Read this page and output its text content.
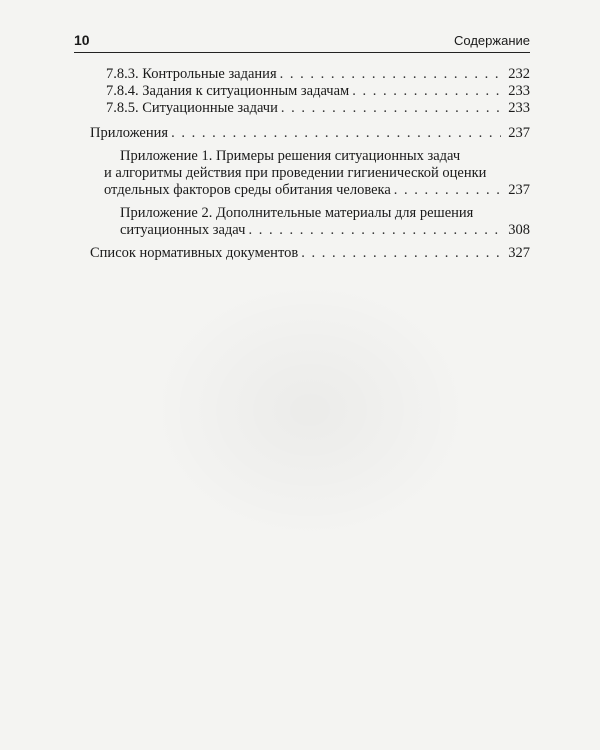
10	Содержание
7.8.3. Контрольные задания . . .	232
7.8.4. Задания к ситуационным задачам . . .	233
7.8.5. Ситуационные задачи . . .	233
Приложения . . .	237
Приложение 1. Примеры решения ситуационных задач
и алгоритмы действия при проведении гигиенической оценки
отдельных факторов среды обитания человека . . .	237
Приложение 2. Дополнительные материалы для решения
ситуационных задач . . .	308
Список нормативных документов . . .	327
